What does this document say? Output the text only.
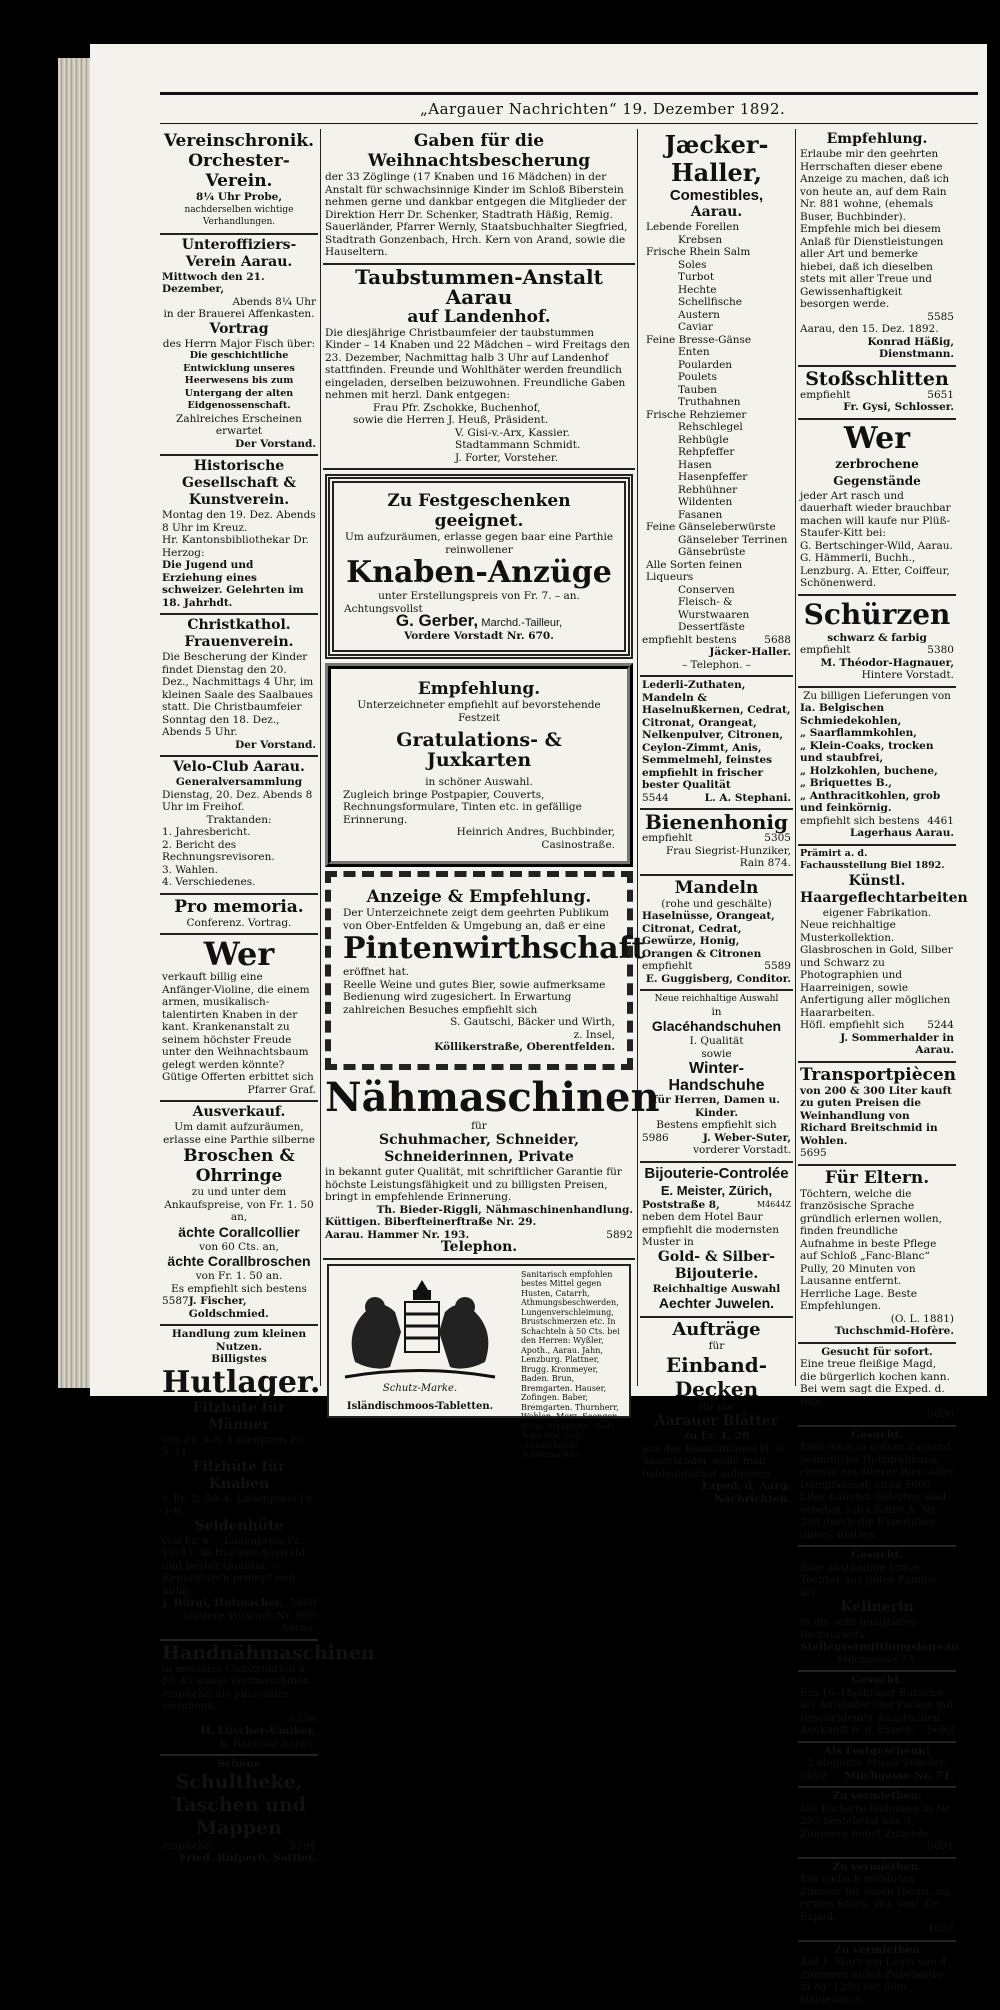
„Aargauer Nachrichten“ 19. Dezember 1892.
Vereinschronik.
Orchester-Verein.
8¼ Uhr Probe,
nachderselben wichtige Verhandlungen.
Unteroffiziers-Verein Aarau.
Mittwoch den 21. Dezember,
Abends 8¼ Uhr
in der Brauerei Affenkasten.
Vortrag
des Herrn Major Fisch über:
Die geschichtliche Entwicklung unseres Heerwesens bis zum Untergang der alten Eidgenossenschaft.
Zahlreiches Erscheinen erwartet
Der Vorstand.
Historische Gesellschaft & Kunstverein.
Montag den 19. Dez. Abends 8 Uhr im Kreuz.
Hr. Kantonsbibliothekar Dr. Herzog:
Die Jugend und Erziehung eines schweizer. Gelehrten im 18. Jahrhdt.
Christkathol. Frauenverein.
Die Bescherung der Kinder findet Dienstag den 20. Dez., Nachmittags 4 Uhr, im kleinen Saale des Saalbaues statt. Die Christbaumfeier Sonntag den 18. Dez., Abends 5 Uhr.
Der Vorstand.
Velo-Club Aarau.
Generalversammlung
Dienstag, 20. Dez. Abends 8 Uhr im Freihof.
Traktanden:
1. Jahresbericht.
2. Bericht des Rechnungsrevisoren.
3. Wahlen.
4. Verschiedenes.
Pro memoria.
Conferenz. Vortrag.
Wer
verkauft billig eine Anfänger-Violine, die einem armen, musikalisch-talentirten Knaben in der kant. Krankenanstalt zu seinem höchster Freude unter den Weihnachtsbaum gelegt werden könnte?
Gütige Offerten erbittet sich
Pfarrer Graf.
Ausverkauf.
Um damit aufzuräumen, erlasse eine Parthie silberne
Broschen & Ohrringe
zu und unter dem Ankaufspreise, von Fr. 1. 50 an,
ächte Corallcollier
von 60 Cts. an,
ächte Corallbroschen
von Fr. 1. 50 an.
Es empfiehlt sich bestens
5587 J. Fischer, Goldschmied.
Handlung zum kleinen Nutzen.
Billigstes
Hutlager.
Filzhüte für Männer
von Fr. 3–8. Ladenpreis Fr. 5–11.
Filzhüte für Knaben
v. Fr. 2. 50–4. Ladenpreis Fr. 3–6.
Seidenhüte
von Fr. 6. – Ladenpreis Fr. 10–11. In frischer Auswahl und bester Qualität. – Reparaturen prompt und billig.
J. Bürgi, Hutmacher, 5460
vordere Vorstadt Nr. 900 Aarau.
Handnähmaschinen
in neuester Construktion à Fr. 45 sowie Tretmaschinen empfiehlt als passendes Geschenk.
5536
H. Lüscher-Umiker,
b. Bahnhof Aarau.
Schöne
Schultheke, Taschen und Mappen
empfiehlt	5594
Fried. Rüfperli, Sattler.
Gaben für die Weihnachtsbescherung
der 33 Zöglinge (17 Knaben und 16 Mädchen) in der Anstalt für schwachsinnige Kinder im Schloß Biberstein nehmen gerne und dankbar entgegen die Mitglieder der Direktion Herr Dr. Schenker, Stadtrath Häßig, Remig. Sauerländer, Pfarrer Wernly, Staatsbuchhalter Siegfried, Stadtrath Gonzenbach, Hrch. Kern von Arand, sowie die Hauseltern.
Taubstummen-Anstalt Aarau
auf Landenhof.
Die diesjährige Christbaumfeier der taubstummen Kinder – 14 Knaben und 22 Mädchen – wird Freitags den 23. Dezember, Nachmittag halb 3 Uhr auf Landenhof stattfinden. Freunde und Wohlthäter werden freundlich eingeladen, derselben beizuwohnen. Freundliche Gaben nehmen mit herzl. Dank entgegen:
Frau Pfr. Zschokke, Buchenhof,
sowie die Herren J. Heuß, Präsident.
V. Gisi-v.-Arx, Kassier.
Stadtammann Schmidt.
J. Forter, Vorsteher.
Zu Festgeschenken geeignet.
Um aufzuräumen, erlasse gegen baar eine Parthie
reinwollener
Knaben-Anzüge
unter Erstellungspreis von Fr. 7. – an.
Achtungsvollst
G. Gerber, Marchd.-Tailleur,
Vordere Vorstadt Nr. 670.
Empfehlung.
Unterzeichneter empfiehlt auf bevorstehende Festzeit
Gratulations- & Juxkarten
in schöner Auswahl.
Zugleich bringe Postpapier, Couverts, Rechnungsformulare, Tinten etc. in gefällige Erinnerung.
Heinrich Andres, Buchbinder,
Casinostraße.
Anzeige & Empfehlung.
Der Unterzeichnete zeigt dem geehrten Publikum von Ober-Entfelden & Umgebung an, daß er eine
Pintenwirthschaft
eröffnet hat.
Reelle Weine und gutes Bier, sowie aufmerksame Bedienung wird zugesichert. In Erwartung zahlreichen Besuches empfiehlt sich
S. Gautschi, Bäcker und Wirth,
z. Insel,
Köllikerstraße, Oberentfelden.
Nähmaschinen
für
Schuhmacher, Schneider, Schneiderinnen, Private
in bekannt guter Qualität, mit schriftlicher Garantie für höchste Leistungsfähigkeit und zu billigsten Preisen, bringt in empfehlende Erinnerung.
Th. Bieder-Riggli, Nähmaschinenhandlung.
Küttigen. Biberfteinerftraße Nr. 29.
Aarau. Hammer Nr. 193.	5892
Telephon.
Sanitarisch empfohlen bestes Mittel gegen Husten, Catarrh, Athmungsbeschwerden, Lungenverschleimung, Brustschmerzen etc. In Schachteln à 50 Cts. bei den Herren: Wyßler, Apoth., Aarau. Jahn, Lenzburg. Plattner, Brugg. Kronmeyer, Baden. Brun, Bremgarten. Hauser, Zofingen. Baber, Bremgarten. Thurnherr, Wohlen. Merz, Seengen. Helm, Mellingen. (Jede Schachtel trägt obenstehende Schutzmarke.)
Schutz-Marke.
Isländischmoos-Tabletten.
Jæcker-Haller,
Comestibles,
Aarau.
Lebende Forellen
Krebsen
Frische Rhein Salm
Soles
Turbot
Hechte
Schellfische
Austern
Caviar
Feine Bresse-Gänse
Enten
Poularden
Poulets
Tauben
Truthahnen
Frische Rehziemer
Rehschlegel
Rehbügle
Rehpfeffer
Hasen
Hasenpfeffer
Rebhühner
Wildenten
Fasanen
Feine Gänseleberwürste
Gänseleber Terrinen
Gänsebrüste
Alle Sorten feinen Liqueurs
Conserven
Fleisch- & Wurstwaaren
Dessertfäste
empfiehlt bestens	5688
Jäcker-Haller.
– Telephon. –
Lederli-Zuthaten, Mandeln & Haselnußkernen, Cedrat, Citronat, Orangeat, Nelkenpulver, Citronen, Ceylon-Zimmt, Anis, Semmelmehl, feinstes empfiehlt in frischer bester Qualität
5544	L. A. Stephani.
Bienenhonig
empfiehlt	5305
Frau Siegrist-Hunziker,
Rain 874.
Mandeln
(rohe und geschälte)
Haselnüsse, Orangeat, Citronat, Cedrat, Gewürze, Honig, Orangen & Citronen
empfiehlt	5589
E. Guggisberg, Conditor.
Neue reichhaltige Auswahl
in
Glacéhandschuhen
I. Qualität
sowie
Winter-Handschuhe
für Herren, Damen u. Kinder.
Bestens empfiehlt sich
5986	J. Weber-Suter,
vorderer Vorstadt.
Bijouterie-Controlée
E. Meister, Zürich,
Poststraße 8,	M4644Z
neben dem Hotel Baur empfiehlt die modernsten Muster in
Gold- & Silber-Bijouterie.
Reichhaltige Auswahl
Aechter Juwelen.
Aufträge
für
Einband-Decken
für die
Aarauer Blätter
zu Fr. 1. 20
aus der Buchbinderei H. R. Sauerländer wolle man baldmöglichst aufgeben.
Exped. d. Aarg. Nachrichten.
Empfehlung.
Erlaube mir den geehrten Herrschaften dieser ebene Anzeige zu machen, daß ich von heute an, auf dem Rain Nr. 881 wohne, (ehemals Buser, Buchbinder). Empfehle mich bei diesem Anlaß für Dienstleistungen aller Art und bemerke hiebei, daß ich dieselben stets mit aller Treue und Gewissenhaftigkeit besorgen werde.
5585
Aarau, den 15. Dez. 1892.
Konrad Häßig, Dienstmann.
Stoßschlitten
empfiehlt	5651
Fr. Gysi, Schlosser.
Wer
zerbrochene Gegenstände
jeder Art rasch und dauerhaft wieder brauchbar machen will kaufe nur Plüß-Staufer-Kitt bei:
G. Bertschinger-Wild, Aarau. G. Hämmerli, Buchh., Lenzburg. A. Etter, Coiffeur, Schönenwerd.
Schürzen
schwarz & farbig
empfiehlt	5380
M. Théodor-Hagnauer,
Hintere Vorstadt.
Zu billigen Lieferungen von
Ia. Belgischen Schmiedekohlen,
„ Saarflammkohlen,
„ Klein-Coaks, trocken und staubfrei,
„ Holzkohlen, buchene,
„ Briquettes B.,
„ Anthracitkohlen, grob und feinkörnig.
empfiehlt sich bestens 4461
Lagerhaus Aarau.
Prämirt a. d. Fachausstellung Biel 1892.
Künstl. Haargeflechtarbeiten
eigener Fabrikation.
Neue reichhaltige Musterkollektion. Glasbroschen in Gold, Silber und Schwarz zu Photographien und Haarreinigen, sowie Anfertigung aller möglichen Haararbeiten.
Höfl. empfiehlt sich 5244
J. Sommerhalder in Aarau.
Transportpiècen
von 200 & 300 Liter kauft zu guten Preisen die Weinhandlung von Richard Breitschmid in Wohlen.
5695
Für Eltern.
Töchtern, welche die französische Sprache gründlich erlernen wollen, finden freundliche Aufnahme in beste Pflege auf Schloß „Fanc-Blanc“ Pully, 20 Minuten von Lausanne entfernt. Herrliche Lage. Beste Empfehlungen.
(O. L. 1881)
Tuchschmid-Hofère.
Gesucht für sofort.
Eine treue fleißige Magd, die bürgerlich kochen kann. Bei wem sagt die Exped. d. Blts.
5696
Gesucht.
Eine noch in gutem Zustand befindliche Holzdrehbank; ebenso ein älterer Bier- oder Dampfkessel, circa 5000 Liter haltend. Offerten sind erbeten sub Chiffre A. Nr. 200 durch die Expedition dieses Blattes.
Gesucht.
Eine anständige brave Tochter aus guter Familie als
Kellnerin
in ein sehr gangbares Restaurants.
Stellenvermittlungsbureau
Milchgasse 73.
Gesucht.
Ein 16–18jähriger Bursche als Ausläufer und Packer mit bescheidenen Ansprüchen.
Auskunft b. d. Exped. 5663
Als Festgeschenk!
2 elegante Musik-Ständer.
5692 Milchgasse Nr. 71.
Zu vermiethen:
Die Parterre-Wohnung in Nr. 295 bestehend aus 3 Zimmern nebst Zubehör.
5691
Zu vermiethen.
Ein einfach möblirtes Zimmer für einen Herrn, im ersten Stock. Wo, sagt die Exped.
4057
Zu vermiethen
Auf 1. März ein Logis von 4 Zimmern nebst Zubehörde in Nr. 1299 vor dem Haldenthor.
